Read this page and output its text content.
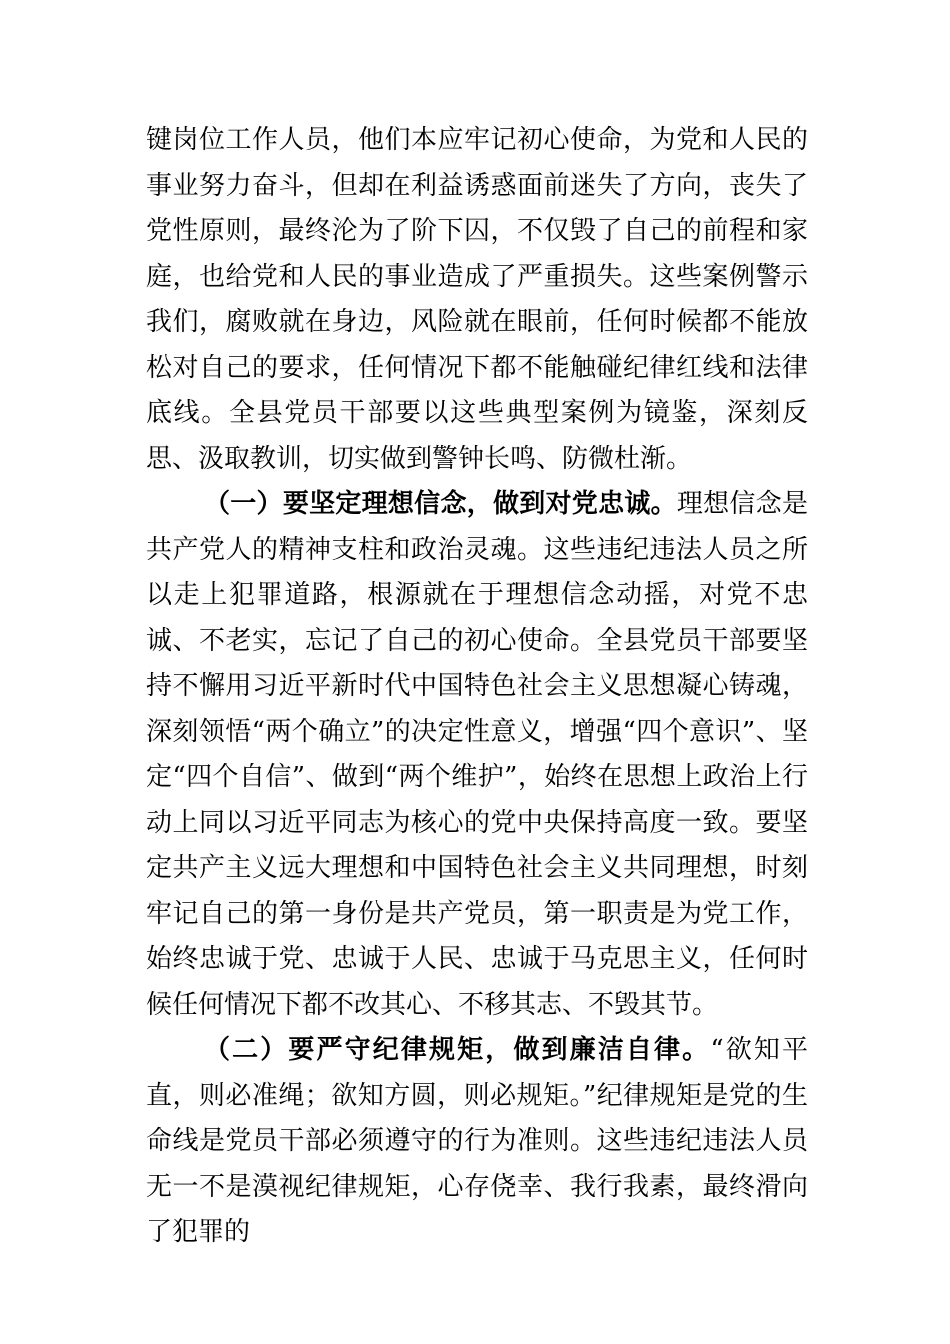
键岗位工作人员，他们本应牢记初心使命，为党和人民的事业努力奋斗，但却在利益诱惑面前迷失了方向，丧失了党性原则，最终沦为了阶下囚，不仅毁了自己的前程和家庭，也给党和人民的事业造成了严重损失。这些案例警示我们，腐败就在身边，风险就在眼前，任何时候都不能放松对自己的要求，任何情况下都不能触碰纪律红线和法律底线。全县党员干部要以这些典型案例为镜鉴，深刻反思、汲取教训，切实做到警钟长鸣、防微杜渐。

（一）要坚定理想信念，做到对党忠诚。理想信念是共产党人的精神支柱和政治灵魂。这些违纪违法人员之所以走上犯罪道路，根源就在于理想信念动摇，对党不忠诚、不老实，忘记了自己的初心使命。全县党员干部要坚持不懈用习近平新时代中国特色社会主义思想凝心铸魂，深刻领悟“两个确立”的决定性意义，增强“四个意识”、坚定“四个自信”、做到“两个维护”，始终在思想上政治上行动上同以习近平同志为核心的党中央保持高度一致。要坚定共产主义远大理想和中国特色社会主义共同理想，时刻牢记自己的第一身份是共产党员，第一职责是为党工作，始终忠诚于党、忠诚于人民、忠诚于马克思主义，任何时候任何情况下都不改其心、不移其志、不毁其节。

（二）要严守纪律规矩，做到廉洁自律。“欲知平直，则必准绳；欲知方圆，则必规矩。”纪律规矩是党的生命线是党员干部必须遵守的行为准则。这些违纪违法人员无一不是漠视纪律规矩，心存侥幸、我行我素，最终滑向了犯罪的
